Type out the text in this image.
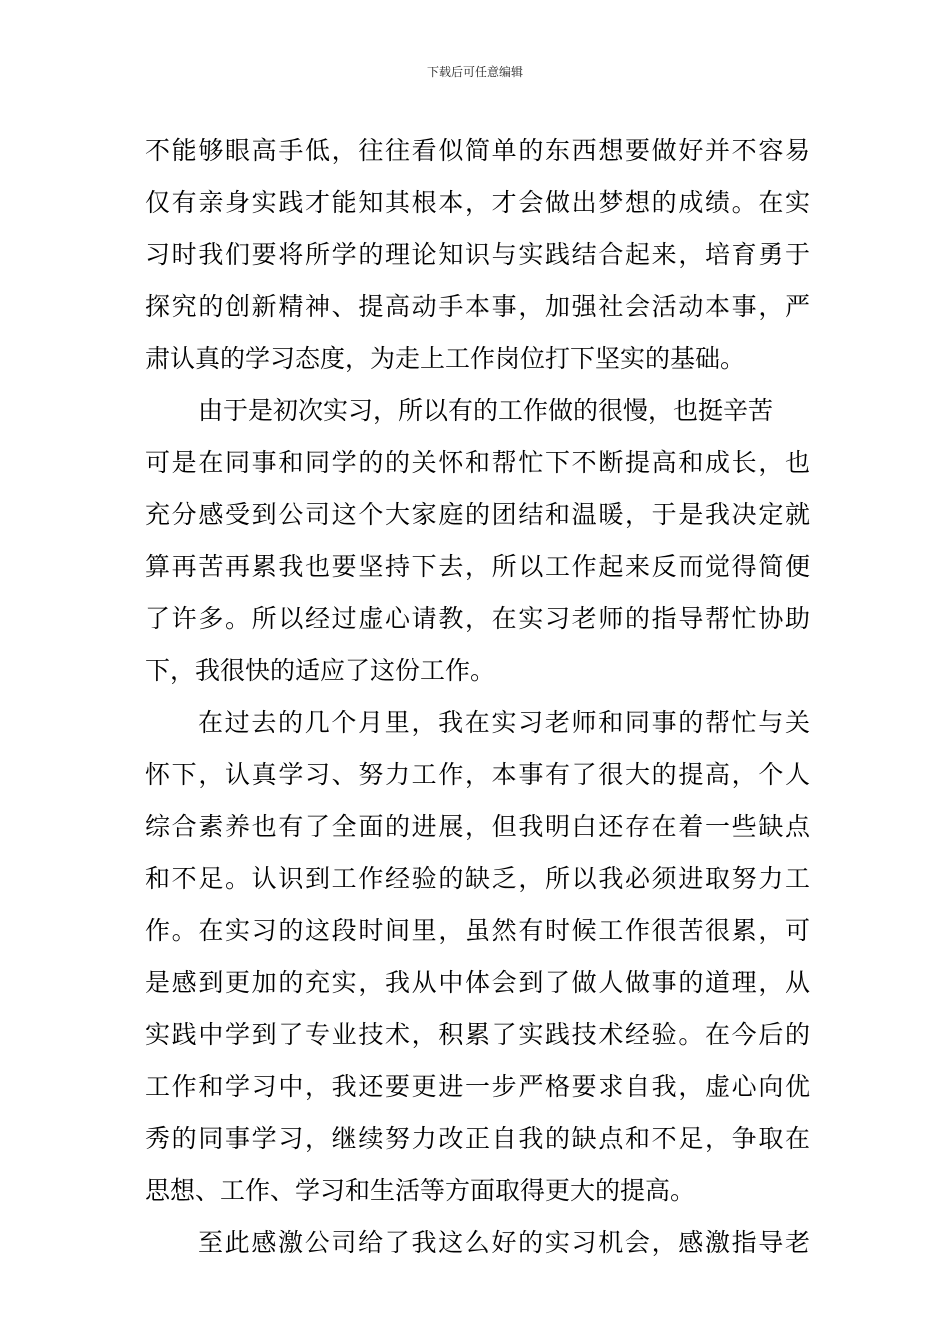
下载后可任意编辑
不能够眼高手低，往往看似简单的东西想要做好并不容易
仅有亲身实践才能知其根本，才会做出梦想的成绩。在实
习时我们要将所学的理论知识与实践结合起来，培育勇于
探究的创新精神、提高动手本事，加强社会活动本事，严
肃认真的学习态度，为走上工作岗位打下坚实的基础。
由于是初次实习，所以有的工作做的很慢，也挺辛苦
可是在同事和同学的的关怀和帮忙下不断提高和成长，也
充分感受到公司这个大家庭的团结和温暖，于是我决定就
算再苦再累我也要坚持下去，所以工作起来反而觉得简便
了许多。所以经过虚心请教，在实习老师的指导帮忙协助
下，我很快的适应了这份工作。
在过去的几个月里，我在实习老师和同事的帮忙与关
怀下，认真学习、努力工作，本事有了很大的提高，个人
综合素养也有了全面的进展，但我明白还存在着一些缺点
和不足。认识到工作经验的缺乏，所以我必须进取努力工
作。在实习的这段时间里，虽然有时候工作很苦很累，可
是感到更加的充实，我从中体会到了做人做事的道理，从
实践中学到了专业技术，积累了实践技术经验。在今后的
工作和学习中，我还要更进一步严格要求自我，虚心向优
秀的同事学习，继续努力改正自我的缺点和不足，争取在
思想、工作、学习和生活等方面取得更大的提高。
至此感激公司给了我这么好的实习机会，感激指导老
